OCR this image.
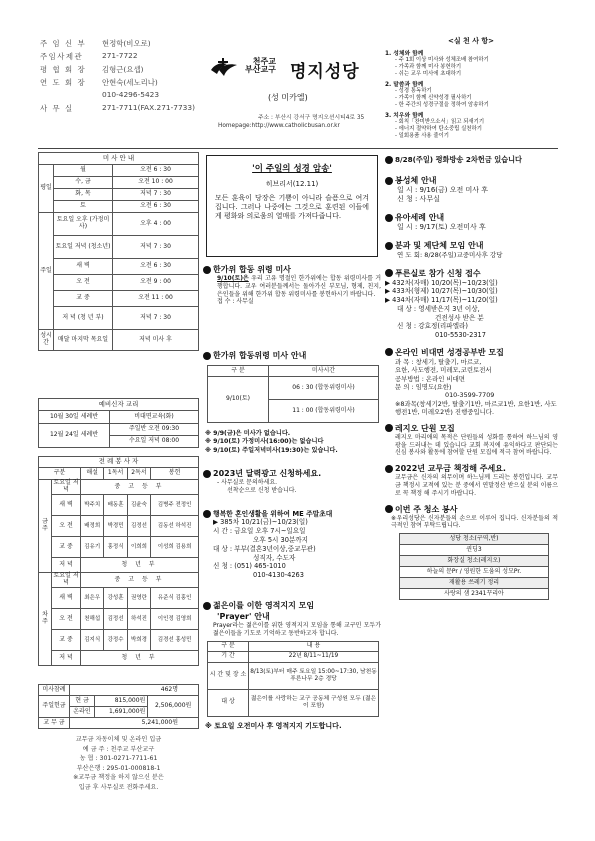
주 임 신 부	현정학(비오로)
주임사제관	271-7722
평 협 회 장	김형근(요셉)
연 도 회 장	안현숙(세노리나)
010-4296-5423
사 무 실	271-7711(FAX.271-7733)
천주교
부산교구 명지성당
(성 미카엘)
주소 : 부산시 강서구 명지오션시티4로 35
Homepage:http://www.catholicbusan.or.kr
<실 천 사 항>
1. 성체와 함께
- 주 1회 이상 미사와 성체조배 참여하기
- 가족과 함께 미사 봉헌하기
- 쉬는 교우 미사에 초대하기
2. 말씀과 함께
- 성경 통독하기
- 가족이 함께 신약성경 필사하기
- 한 주간의 성경구절을 정하여 암송하기
3. 치우와 함께
- 회칙「찬미받으소서」읽고 되새기기
- 에너지 절약하여 탄소중립 실천하기
- 일회용품 사용 줄이기
미 사 안 내		
평일	월	오전 6 : 30
	수, 금	오전 10 : 00
	화, 목	저녁 7 : 30
	토	오전 6 : 30
주일	토요일 오후 (가정미사)	오후 4 : 00
	토요일 저녁 (청소년)	저녁 7 : 30
	새 벽	오전 6 : 30
	오 전	오전 9 : 00
	교 중	오전 11 : 00
	저 녁 (청 년 부)	저녁 7 : 30
성시간	매달 마지막 목요일	저녁 미사 후
예비신자 교리	
10월 30일 세례반	비대면교육(화)
12월 24일 세례반	주일반 오전 09:30
	수요일 저녁 08:00
전 례 봉 사 자					
구분		해설	1독서	2독서	봉헌
금 주	토요일 저 녁	중 고 등 부			
	새 벽	박주치	배동훈	김윤숙	김병주 전정인
	오 전	배정희	박경민	김정선	김동선 하석진
	교 중	김유기	홍정식	이희희	이성희 김용희
	저 녁	청 년 부			
차 주	토요일 저 녁	중 고 등 부			
	새 벽	최은우	강성훈	권영란	유준식 김홍인
	오 전	천해섭	김정선	하석진	이인정 김영희
	교 중	김지식	강정수	박희경	김경선 홍성민
	저 녁	청 년 부			
미사참례	462명		
주일헌금	현 금	815,000원	2,506,000원
	온라인	1,691,000원	
교 무 금	5,241,000원		
교무금 자동이체 및 온라인 입금
예 금 주 : 천주교 부산교구
농 협 : 301-0271-7711-61
부산은행 : 295-01-000818-1
※교무금 책정을 하지 않으신 분은
입금 후 사무실로 전화주세요.
'이 주일의 성경 암송'
히브리서(12.11)
모든 훈육이 당장은 기쁨이 아니라 슬픔으로 여겨집니다. 그러나 나중에는 그것으로 훈련된 이들에게 평화와 의로움의 열매를 가져다줍니다.
한가위 합동 위령 미사
9/10(토)은 우리 고유 명절인 한가위에는 합동 위령미사를 거행합니다. 교우 여러분들께서는 돌아가신 부모님, 형제, 친지, 은인들을 위해 한가위 합동 위령미사를 봉헌하시기 바랍니다.
접 수 : 사무실
한가위 합동위령 미사 안내
구 분	미사시간
9/10(토)	06 : 30 (합동위령미사)
	11 : 00 (합동위령미사)
※ 9/9(금)은 미사가 없습니다.
※ 9/10(토) 가정미사(16:00)는 없습니다
※ 9/10(토) 주일저녁미사(19:30)는 있습니다.
2023년 달력광고 신청하세요.
- 사무실로 문의하세요.
선착순으로 신청 받습니다.
행복한 혼인생활을 위하여 ME 주말초대
▶ 385차 10/21(금)~10/23(일)
시 간 : 금요일 오후 7시~일요일
오후 5시 30분까지
대 상 : 부부(결혼3년이상,중교무관)
성직자, 수도자
신 청 : (051) 465-1010
010-4130-4263
젊은이를 이한 영적지지 모임
'Prayer' 안내
Prayer라는 젊은이를 위한 영적지지 모임을 통해 교구민 모두가 젊은이들을 기도로 기억하고 동반하고자 합니다.
구 분	내 용
기 간	22년 8/11~11/19
시 간 및 장 소	8/13(토)부터 매주 토요일 15:00~17:30, 남천동 푸른나무 2층 경당
대 상	젊은이를 사랑하는 교구 공동체 구성원 모두 (젊은이 포함)
※ 토요일 오전미사 후 영적지지 기도합니다.
8/28(주일) 평화방송 2차헌금 있습니다
봉성체 안내
일 시 : 9/16(금) 오전 미사 후
신 청 : 사무실
유아세례 안내
일 시 : 9/17(토) 오전미사 후
분과 및 제단체 모임 안내
연 도 회: 8/28(주일)교중미사후 강당
푸른실로 참가 신청 접수
▶ 432차(자매) 10/20(목)~10/23(일)
▶ 433차(형제) 10/27(목)~10/30(일)
▶ 434차(자매) 11/17(목)~11/20(일)
대 상 : 영세받은지 3년 이상,
건전성사 받은 분
신 청 : 강효정(리파엘라)
010-5530-2317
온라인 비대면 성경공부반 모집
과 목 : 창세기, 탈출기, 마르코,
요한, 사도행전, 미레모,코린토전서
공부방법 : 온라인 비대면
문 의 : 임명도(요한)
010-3599-7709
※8과목(창세기2반, 탈출기1반, 마르코1반, 요한1반, 사도행전1반, 미레오2반) 진행중입니다.
레지오 단원 모집
레지오 마리애의 목적은 단원들의 성화를 통하여 하느님의 영광을 드러내는 데 있습니다 교회 복지에 유익하다고 판단되는 신심 봉사와 활동에 참여할 단원 모집에 적극 참여 바랍니다.
2022년 교무금 책정해 주세요.
교무금은 신자의 의무이며 하느님께 드리는 봉헌입니다. 교무금 책정시 교적에 있는 분 중에서 연말정산 받으실 분의 이름으로 꼭 책정 해 주시기 바랍니다.
이번 주 청소 봉사
※우리성당은 신자분들의 손으로 이루어 집니다. 신자분들의 적극적인 참여 부탁드립니다.
성당 청소(구역,반)
퀸딩3
화장실 청소(레지오)
하늘의 문Pr / 영원한 도움의 성모Pr.
재활용 쓰레기 정리
사랑의 샘 2341꾸리아
